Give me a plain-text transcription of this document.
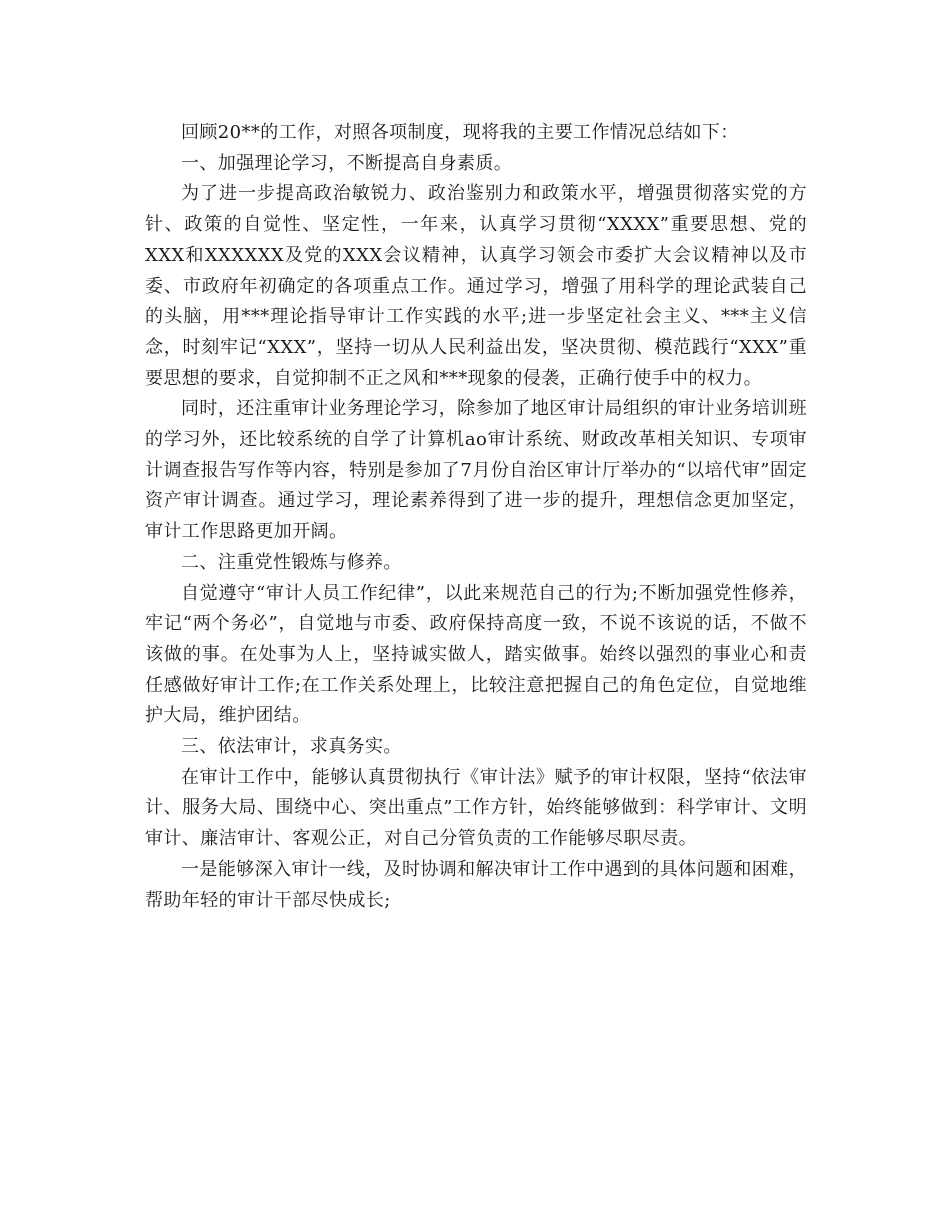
回顾20**的工作，对照各项制度，现将我的主要工作情况总结如下：

一、加强理论学习，不断提高自身素质。

为了进一步提高政治敏锐力、政治鉴别力和政策水平，增强贯彻落实党的方针、政策的自觉性、坚定性，一年来，认真学习贯彻“XXXX”重要思想、党的XXX和XXXXXX及党的XXX会议精神，认真学习领会市委扩大会议精神以及市委、市政府年初确定的各项重点工作。通过学习，增强了用科学的理论武装自己的头脑，用***理论指导审计工作实践的水平;进一步坚定社会主义、***主义信念，时刻牢记“XXX”，坚持一切从人民利益出发，坚决贯彻、模范践行“XXX”重要思想的要求，自觉抑制不正之风和***现象的侵袭，正确行使手中的权力。

同时，还注重审计业务理论学习，除参加了地区审计局组织的审计业务培训班的学习外，还比较系统的自学了计算机ao审计系统、财政改革相关知识、专项审计调查报告写作等内容，特别是参加了7月份自治区审计厅举办的“以培代审”固定资产审计调查。通过学习，理论素养得到了进一步的提升，理想信念更加坚定，审计工作思路更加开阔。

二、注重党性锻炼与修养。

自觉遵守“审计人员工作纪律”，以此来规范自己的行为;不断加强党性修养，牢记“两个务必”，自觉地与市委、政府保持高度一致，不说不该说的话，不做不该做的事。在处事为人上，坚持诚实做人，踏实做事。始终以强烈的事业心和责任感做好审计工作;在工作关系处理上，比较注意把握自己的角色定位，自觉地维护大局，维护团结。

三、依法审计，求真务实。

在审计工作中，能够认真贯彻执行《审计法》赋予的审计权限，坚持“依法审计、服务大局、围绕中心、突出重点”工作方针，始终能够做到：科学审计、文明审计、廉洁审计、客观公正，对自己分管负责的工作能够尽职尽责。

一是能够深入审计一线，及时协调和解决审计工作中遇到的具体问题和困难，帮助年轻的审计干部尽快成长;
